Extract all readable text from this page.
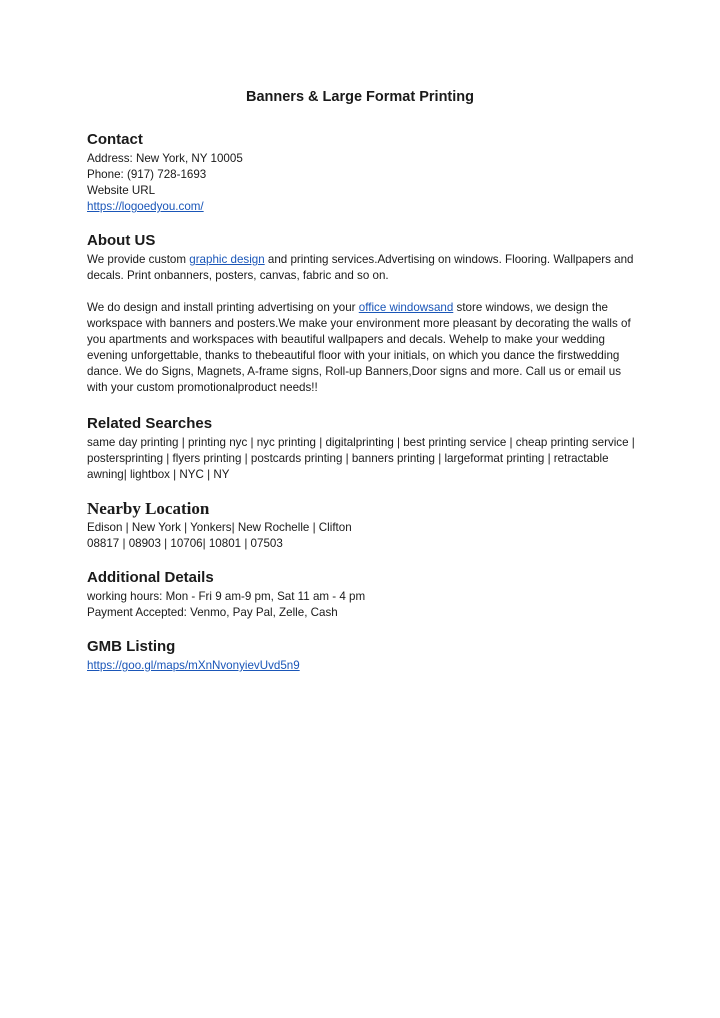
Banners & Large Format Printing
Contact

Address: New York, NY 10005

Phone: (917) 728-1693

Website URL

https://logoedyou.com/

About US

We provide custom graphic design and printing services.Advertising on windows. Flooring. Wallpapers and decals. Print onbanners, posters, canvas, fabric and so on.

We do design and install printing advertising on your office windowsand store windows, we design the workspace with banners and posters.We make your environment more pleasant by decorating the walls of you apartments and workspaces with beautiful wallpapers and decals. Wehelp to make your wedding evening unforgettable, thanks to thebeautiful floor with your initials, on which you dance the firstwedding dance. We do Signs, Magnets, A-frame signs, Roll-up Banners,Door signs and more. Call us or email us with your custom promotionalproduct needs!!

Related Searches

same day printing | printing nyc | nyc printing | digitalprinting | best printing service | cheap printing service | postersprinting | flyers printing | postcards printing | banners printing | largeformat printing | retractable awning| lightbox | NYC | NY

Nearby Location

Edison | New York | Yonkers| New Rochelle | Clifton

08817 | 08903 | 10706| 10801 | 07503

Additional Details

working hours: Mon - Fri 9 am-9 pm, Sat 11 am - 4 pm

Payment Accepted: Venmo, Pay Pal, Zelle, Cash

GMB Listing

https://goo.gl/maps/mXnNvonyievUvd5n9
